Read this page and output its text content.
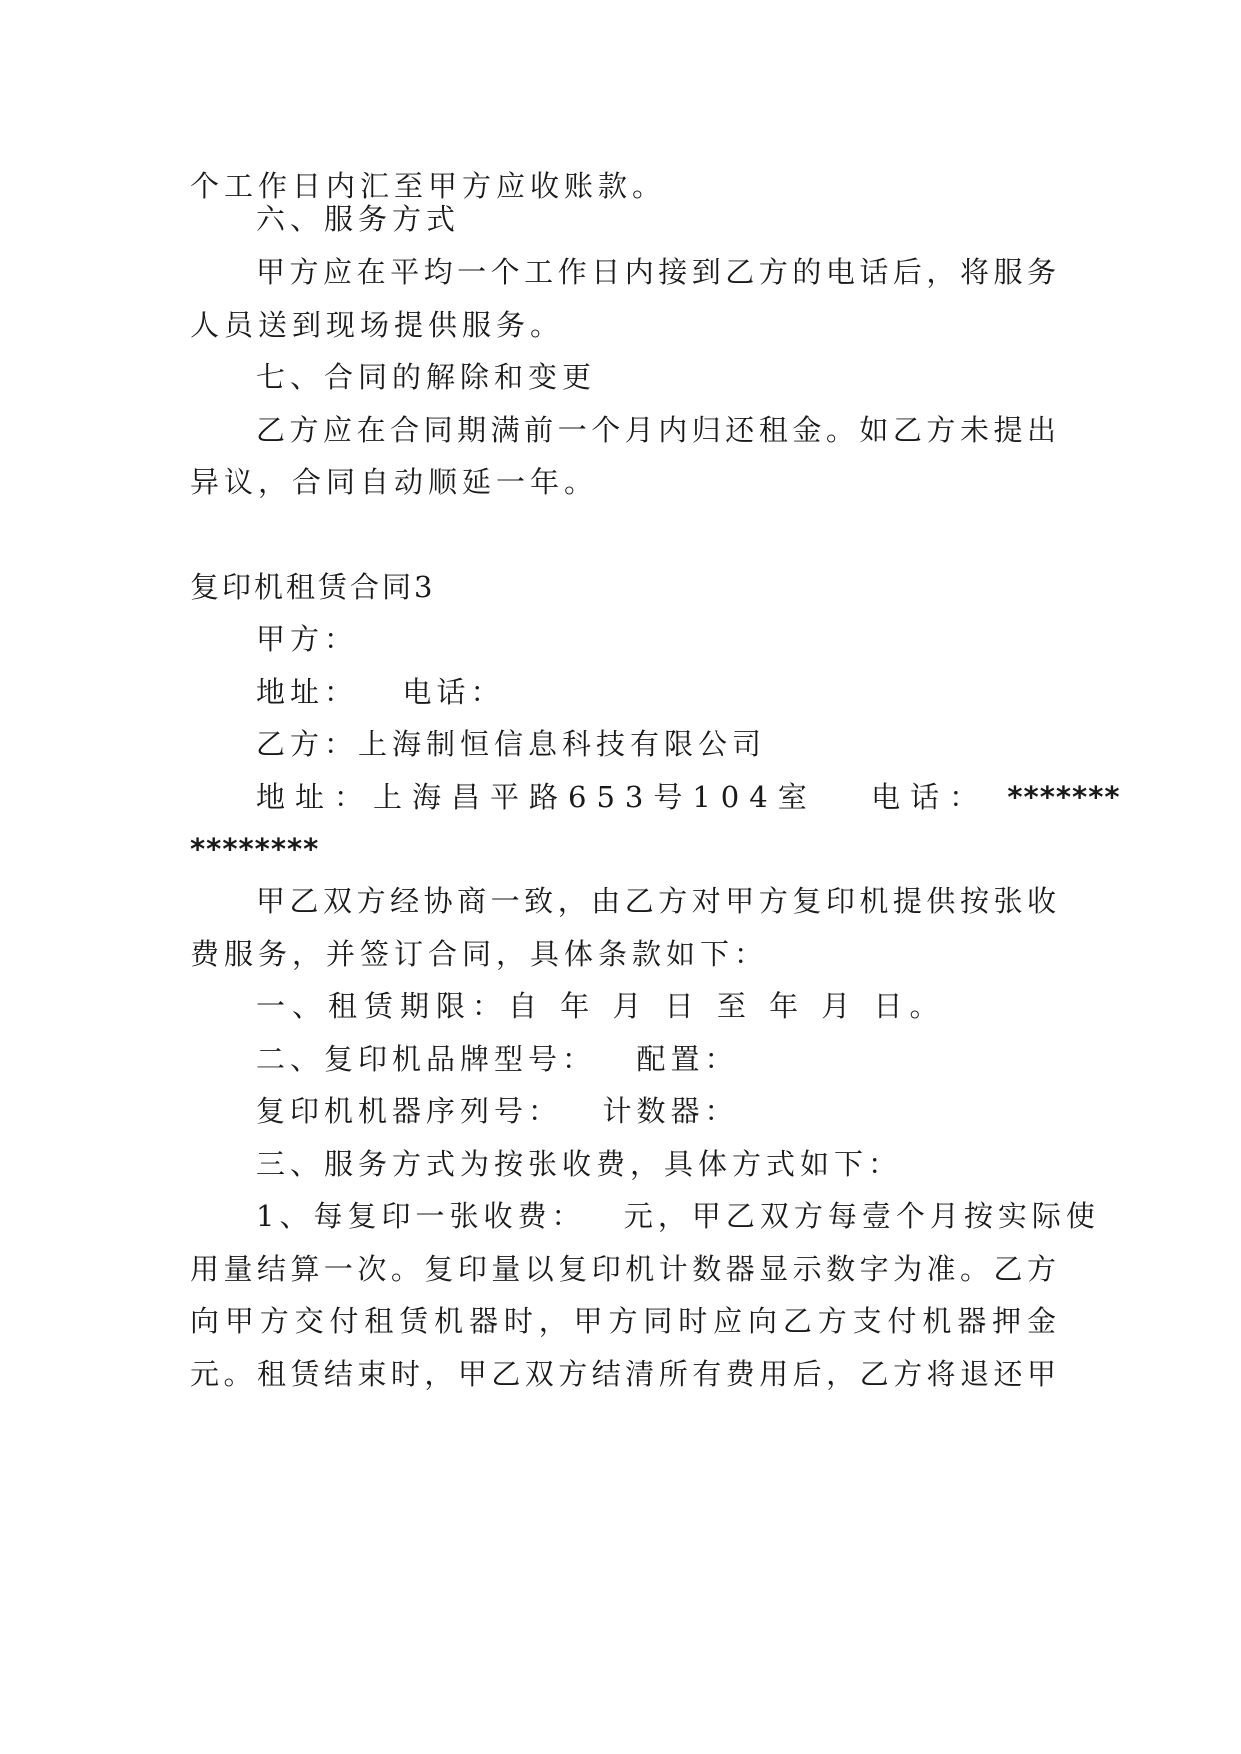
个工作日内汇至甲方应收账款。
六、服务方式
甲方应在平均一个工作日内接到乙方的电话后，将服务
人员送到现场提供服务。
七、合同的解除和变更
乙方应在合同期满前一个月内归还租金。如乙方未提出
异议，合同自动顺延一年。
复印机租赁合同3
甲方：
地址： 电话：
乙方：上海制恒信息科技有限公司
地址：上海昌平路653号104室 电话： *******
********
甲乙双方经协商一致，由乙方对甲方复印机提供按张收
费服务，并签订合同，具体条款如下：
一、租赁期限：自 年 月 日 至 年 月 日。
二、复印机品牌型号： 配置：
复印机机器序列号： 计数器：
三、服务方式为按张收费，具体方式如下：
1、每复印一张收费： 元，甲乙双方每壹个月按实际使
用量结算一次。复印量以复印机计数器显示数字为准。乙方
向甲方交付租赁机器时，甲方同时应向乙方支付机器押金
元。租赁结束时，甲乙双方结清所有费用后，乙方将退还甲
